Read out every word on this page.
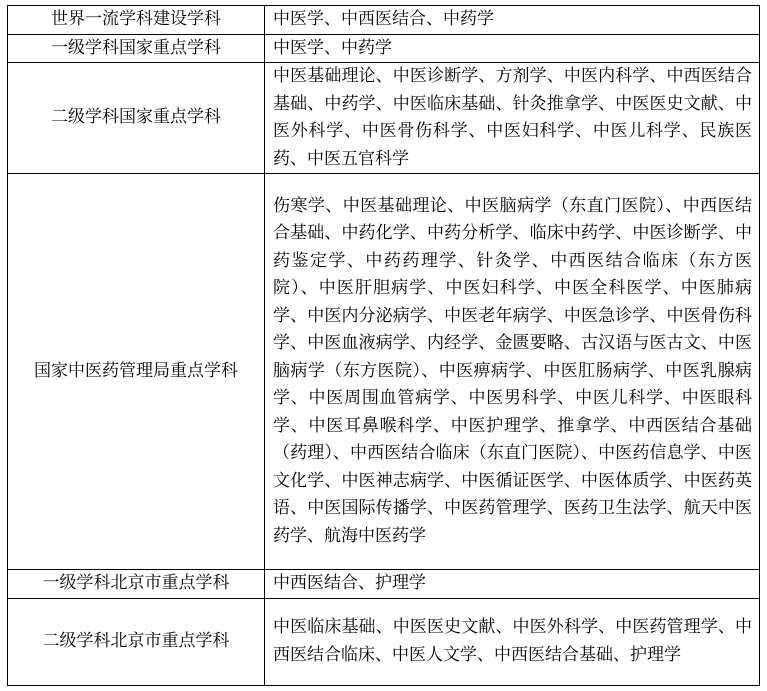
世界一流学科建设学科	中医学、中西医结合、中药学

一级学科国家重点学科	中医学、中药学

二级学科国家重点学科	中医基础理论、中医诊断学、方剂学、中医内科学、中西医结合基础、中药学、中医临床基础、针灸推拿学、中医医史文献、中医外科学、中医骨伤科学、中医妇科学、中医儿科学、民族医药、中医五官科学

国家中医药管理局重点学科	伤寒学、中医基础理论、中医脑病学（东直门医院）、中西医结合基础、中药化学、中药分析学、临床中药学、中医诊断学、中药鉴定学、中药药理学、针灸学、中西医结合临床（东方医院）、中医肝胆病学、中医妇科学、中医全科医学、中医肺病学、中医内分泌病学、中医老年病学、中医急诊学、中医骨伤科学、中医血液病学、内经学、金匮要略、古汉语与医古文、中医脑病学（东方医院）、中医痹病学、中医肛肠病学、中医乳腺病学、中医周围血管病学、中医男科学、中医儿科学、中医眼科学、中医耳鼻喉科学、中医护理学、推拿学、中西医结合基础（药理）、中西医结合临床（东直门医院）、中医药信息学、中医文化学、中医神志病学、中医循证医学、中医体质学、中医药英语、中医国际传播学、中医药管理学、医药卫生法学、航天中医药学、航海中医药学

一级学科北京市重点学科	中西医结合、护理学

二级学科北京市重点学科	中医临床基础、中医医史文献、中医外科学、中医药管理学、中西医结合临床、中医人文学、中西医结合基础、护理学
